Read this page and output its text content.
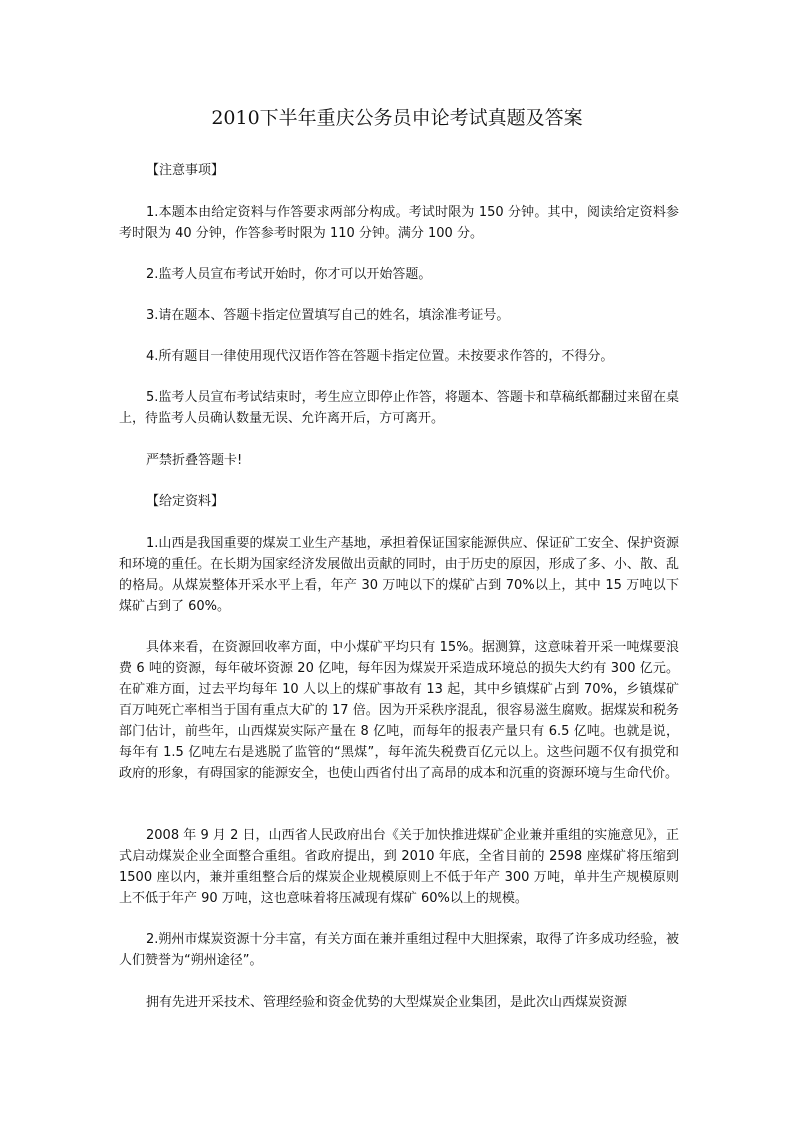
2010下半年重庆公务员申论考试真题及答案
【注意事项】
1.本题本由给定资料与作答要求两部分构成。考试时限为 150 分钟。其中，阅读给定资料参考时限为 40 分钟，作答参考时限为 110 分钟。满分 100 分。
2.监考人员宣布考试开始时，你才可以开始答题。
3.请在题本、答题卡指定位置填写自己的姓名，填涂准考证号。
4.所有题目一律使用现代汉语作答在答题卡指定位置。未按要求作答的，不得分。
5.监考人员宣布考试结束时，考生应立即停止作答，将题本、答题卡和草稿纸都翻过来留在桌上，待监考人员确认数量无误、允许离开后，方可离开。
严禁折叠答题卡!
【给定资料】
1.山西是我国重要的煤炭工业生产基地，承担着保证国家能源供应、保证矿工安全、保护资源和环境的重任。在长期为国家经济发展做出贡献的同时，由于历史的原因，形成了多、小、散、乱的格局。从煤炭整体开采水平上看，年产 30 万吨以下的煤矿占到 70%以上，其中 15 万吨以下煤矿占到了 60%。
具体来看，在资源回收率方面，中小煤矿平均只有 15%。据测算，这意味着开采一吨煤要浪费 6 吨的资源，每年破坏资源 20 亿吨，每年因为煤炭开采造成环境总的损失大约有 300 亿元。在矿难方面，过去平均每年 10 人以上的煤矿事故有 13 起，其中乡镇煤矿占到 70%，乡镇煤矿百万吨死亡率相当于国有重点大矿的 17 倍。因为开采秩序混乱，很容易滋生腐败。据煤炭和税务部门估计，前些年，山西煤炭实际产量在 8 亿吨，而每年的报表产量只有 6.5 亿吨。也就是说，每年有 1.5 亿吨左右是逃脱了监管的“黑煤”，每年流失税费百亿元以上。这些问题不仅有损党和政府的形象，有碍国家的能源安全，也使山西省付出了高昂的成本和沉重的资源环境与生命代价。
2008 年 9 月 2 日，山西省人民政府出台《关于加快推进煤矿企业兼并重组的实施意见》，正式启动煤炭企业全面整合重组。省政府提出，到 2010 年底，全省目前的 2598 座煤矿将压缩到 1500 座以内，兼并重组整合后的煤炭企业规模原则上不低于年产 300 万吨，单井生产规模原则上不低于年产 90 万吨，这也意味着将压减现有煤矿 60%以上的规模。
2.朔州市煤炭资源十分丰富，有关方面在兼并重组过程中大胆探索，取得了许多成功经验，被人们赞誉为“朔州途径”。
拥有先进开采技术、管理经验和资金优势的大型煤炭企业集团，是此次山西煤炭资源
